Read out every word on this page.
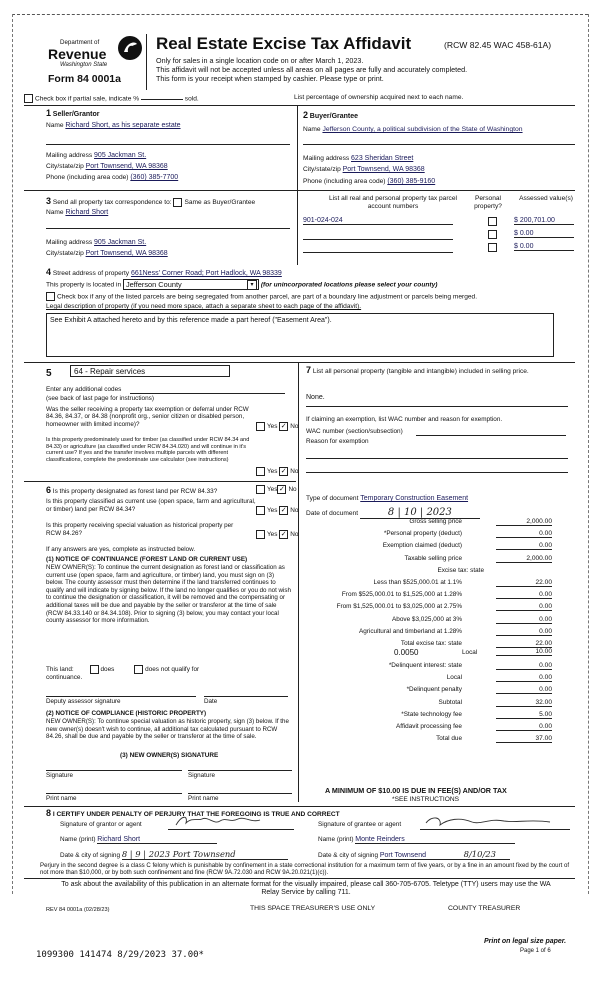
Department of
Revenue
Washington State
Form 84 0001a
Real Estate Excise Tax Affidavit	(RCW 82.45 WAC 458-61A)
Only for sales in a single location code on or after March 1, 2023.
This affidavit will not be accepted unless all areas on all pages are fully and accurately completed.
This form is your receipt when stamped by cashier. Please type or print.
Check box if partial sale, indicate %	sold.	List percentage of ownership acquired next to each name.
1 Seller/Grantor
Name Richard Short, as his separate estate
Mailing address 905 Jackman St.
City/state/zip Port Townsend, WA 98368
Phone (including area code) (360) 385-7700
2 Buyer/Grantee
Name Jefferson County, a political subdivision of the State of Washington
Mailing address 623 Sheridan Street
City/state/zip Port Townsend, WA 98368
Phone (including area code) (360) 385-9160
3 Send all property tax correspondence to: Same as Buyer/Grantee
Name Richard Short
Mailing address 905 Jackman St.
City/state/zip Port Townsend, WA 98368
List all real and personal property tax parcel account numbers
Personal property?
Assessed value(s)
901-024-024	$ 200,701.00
$ 0.00
$ 0.00
4 Street address of property 661Ness' Corner Road; Port Hadlock, WA 98339
This property is located in Jefferson County	▾	(for unincorporated locations please select your county)
Check box if any of the listed parcels are being segregated from another parcel, are part of a boundary line adjustment or parcels being merged.
Legal description of property (if you need more space, attach a separate sheet to each page of the affidavit).
See Exhibit A attached hereto and by this reference made a part hereof ("Easement Area").
5	64 - Repair services
Enter any additional codes
(see back of last page for instructions)
Was the seller receiving a property tax exemption or deferral under RCW 84.36, 84.37, or 84.38 (nonprofit org., senior citizen or disabled person, homeowner with limited income)?	Yes ✓ No
Is this property predominately used for timber (as classified under RCW 84.34 and 84.33) or agriculture (as classified under RCW 84.34.020) and will continue in it's current use? If yes and the transfer involves multiple parcels with different classifications, complete the predominate use calculator (see instructions)
Yes ✓ No
6 Is this property designated as forest land per RCW 84.33?	Yes ✓ No
Is this property classified as current use (open space, farm and agricultural, or timber) land per RCW 84.34?	Yes ✓ No
Is this property receiving special valuation as historical property per RCW 84.26?	Yes ✓ No
If any answers are yes, complete as instructed below.
(1) NOTICE OF CONTINUANCE (FOREST LAND OR CURRENT USE)
NEW OWNER(S): To continue the current designation as forest land or classification as current use (open space, farm and agriculture, or timber) land, you must sign on (3) below. The county assessor must then determine if the land transferred continues to qualify and will indicate by signing below. If the land no longer qualifies or you do not wish to continue the designation or classification, it will be removed and the compensating or additional taxes will be due and payable by the seller or transferor at the time of sale (RCW 84.33.140 or 84.34.108). Prior to signing (3) below, you may contact your local county assessor for more information.
This land:	does	does not qualify for
continuance.
Deputy assessor signature	Date
(2) NOTICE OF COMPLIANCE (HISTORIC PROPERTY)
NEW OWNER(S): To continue special valuation as historic property, sign (3) below. If the new owner(s) doesn't wish to continue, all additional tax calculated pursuant to RCW 84.26, shall be due and payable by the seller or transferor at the time of sale.
(3) NEW OWNER(S) SIGNATURE
Signature	Signature
Print name	Print name
7 List all personal property (tangible and intangible) included in selling price.
None.
If claiming an exemption, list WAC number and reason for exemption.
WAC number (section/subsection)
Reason for exemption
Type of document Temporary Construction Easement
Date of document	8 | 10 | 2023
Gross selling price	2,000.00
*Personal property (deduct)	0.00
Exemption claimed (deduct)	0.00
Taxable selling price	2,000.00
Excise tax: state
Less than $525,000.01 at 1.1%	22.00
From $525,000.01 to $1,525,000 at 1.28%	0.00
From $1,525,000.01 to $3,025,000 at 2.75%	0.00
Above $3,025,000 at 3%	0.00
Agricultural and timberland at 1.28%	0.00
Total excise tax: state	22.00
0.0050	Local	10.00
*Delinquent interest: state	0.00
Local	0.00
*Delinquent penalty	0.00
Subtotal	32.00
*State technology fee	5.00
Affidavit processing fee	0.00
Total due	37.00
A MINIMUM OF $10.00 IS DUE IN FEE(S) AND/OR TAX
*SEE INSTRUCTIONS
8 I CERTIFY UNDER PENALTY OF PERJURY THAT THE FOREGOING IS TRUE AND CORRECT
Signature of grantor or agent	Signature of grantee or agent
Name (print) Richard Short	Name (print) Monte Reinders
Date & city of signing 8 | 9 | 2023 Port Townsend	Date & city of signing Port Townsend	8/10/23
Perjury in the second degree is a class C felony which is punishable by confinement in a state correctional institution for a maximum term of five years, or by a fine in an amount fixed by the court of not more than $10,000, or by both such confinement and fine (RCW 9A.72.030 and RCW 9A.20.021(1)(c)).
To ask about the availability of this publication in an alternate format for the visually impaired, please call 360-705-6705. Teletype (TTY) users may use the WA Relay Service by calling 711.
REV 84 0001a (02/28/23)	THIS SPACE TREASURER'S USE ONLY	COUNTY TREASURER
Print on legal size paper.
Page 1 of 6
1099300 141474 8/29/2023 37.00*
